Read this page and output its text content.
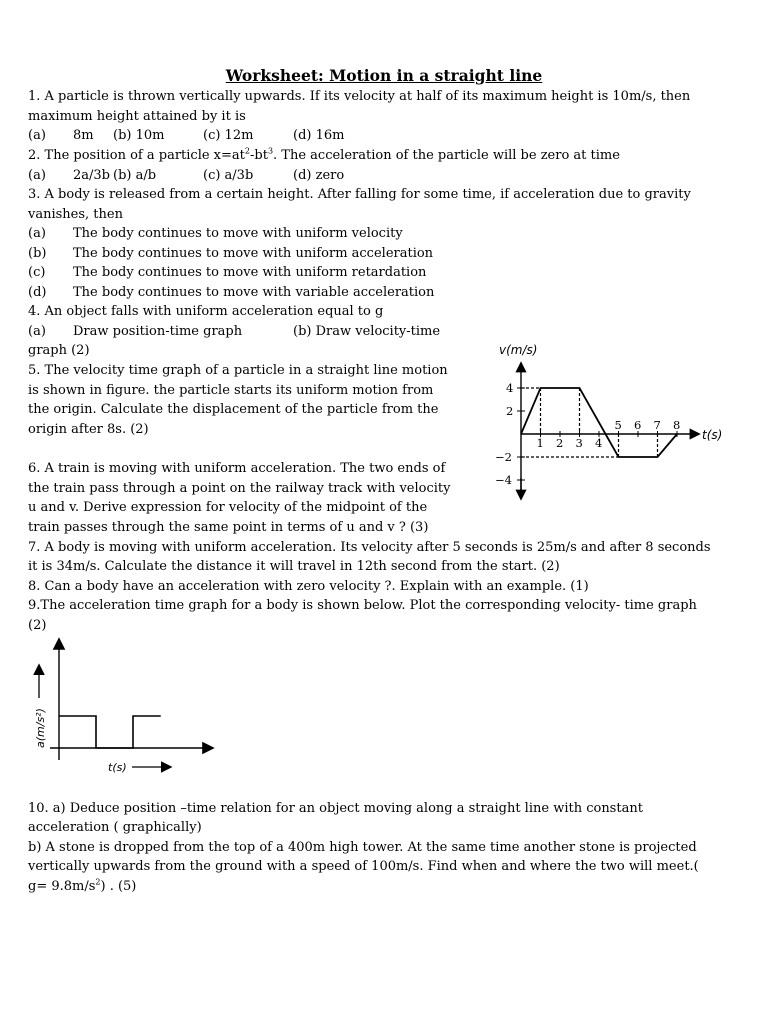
Worksheet: Motion in a straight line
1. A particle is thrown vertically upwards. If its velocity at half of its maximum height is 10m/s, then
maximum height attained by it is
(a) 8m (b) 10m	(c) 12m	(d) 16m
2. The position of a particle $x=at^2-bt^3$. The acceleration of the particle will be zero at time
(a) 2a/3b (b) a/b	(c) a/3b	(d) zero
3. A body is released from a certain height. After falling for some time, if acceleration due to gravity
vanishes, then
(a) The body continues to move with uniform velocity
(b) The body continues to move with uniform acceleration
(c) The body continues to move with uniform retardation
(d) The body continues to move with variable acceleration
4. An object falls with uniform acceleration equal to g
(a) Draw position-time graph	(b) Draw velocity-time
graph (2)
5. The velocity time graph of a particle in a straight line motion
is shown in figure. the particle starts its uniform motion from
the origin. Calculate the displacement of the particle from the
origin after 8s. (2)
6. A train is moving with uniform acceleration. The two ends of
the train pass through a point on the railway track with velocity
u and v. Derive expression for velocity of the midpoint of the
train passes through the same point in terms of u and v ? (3)
7. A body is moving with uniform acceleration. Its velocity after 5 seconds is 25m/s and after 8 seconds
it is 34m/s. Calculate the distance it will travel in 12th second from the start. (2)
8. Can a body have an acceleration with zero velocity ?. Explain with an example. (1)
9.The acceleration time graph for a body is shown below. Plot the corresponding velocity- time graph
(2)
10. a) Deduce position –time relation for an object moving along a straight line with constant
acceleration ( graphically)
b) A stone is dropped from the top of a 400m high tower. At the same time another stone is projected
vertically upwards from the ground with a speed of 100m/s. Find when and where the two will meet.(
$g= 9.8m/s^2$) . (5)
v(m/s)
t(s)
1 2 3 4
5 6 7 8
4
2
−2
−4
a(m/s²)
t(s)
